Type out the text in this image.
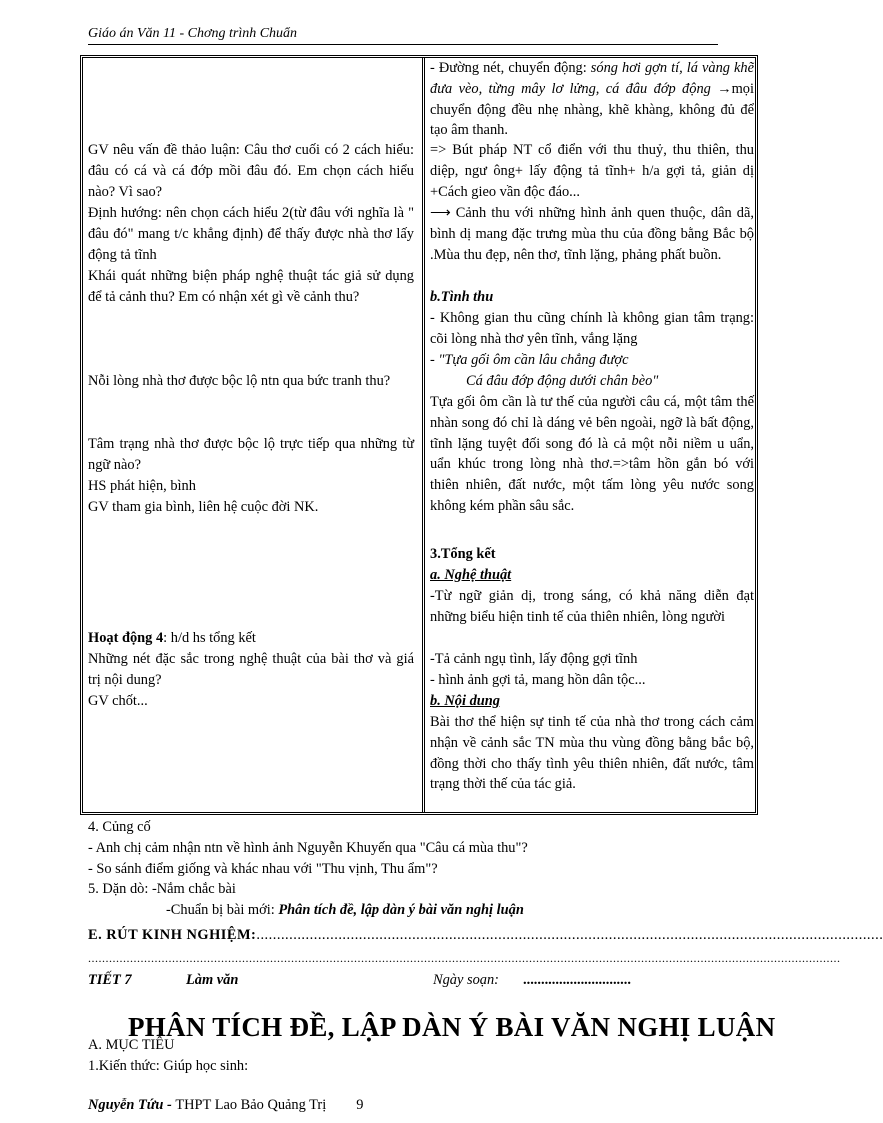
Giáo án Văn 11 - Chơng trình Chuẩn

GV nêu vấn đề thảo luận: Câu thơ cuối có 2 cách hiểu: đâu có cá và cá đớp mồi đâu đó. Em chọn cách hiểu nào? Vì sao?

Định hướng: nên chọn cách hiểu 2(từ đâu với nghĩa là " đâu đó" mang t/c khẳng định) để thấy được nhà thơ lấy động tả tĩnh

Khái quát những biện pháp nghệ thuật tác giả sử dụng để tả cảnh thu? Em có nhận xét gì về cảnh thu?

Nỗi lòng nhà thơ được bộc lộ ntn qua bức tranh thu?

Tâm trạng nhà thơ được bộc lộ trực tiếp qua những từ ngữ nào?

HS phát hiện, bình

GV tham gia bình, liên hệ cuộc đời NK.

Hoạt động 4: h/d hs tổng kết

Những nét đặc sắc trong nghệ thuật của bài thơ và giá trị nội dung?

GV chốt...

- Đường nét, chuyển động: sóng hơi gợn tí, lá vàng khẽ đưa vèo, từng mây lơ lửng, cá đâu đớp động →mọi chuyển động đều nhẹ nhàng, khẽ khàng, không đủ để tạo âm thanh.

=> Bút pháp NT cổ điển với thu thuỷ, thu thiên, thu diệp, ngư ông+ lấy động tả tĩnh+ h/a gợi tả, giản dị +Cách gieo vần độc đáo...

⟶ Cảnh thu với những hình ảnh quen thuộc, dân dã, bình dị mang đặc trưng mùa thu của đồng bằng Bắc bộ .Mùa thu đẹp, nên thơ, tĩnh lặng, phảng phất buồn.

b.Tình thu

- Không gian thu cũng chính là không gian tâm trạng: cõi lòng nhà thơ yên tĩnh, vắng lặng

- "Tựa gối ôm cần lâu chẳng được

Cá đâu đớp động dưới chân bèo"

Tựa gối ôm cần là tư thế của người câu cá, một tâm thế nhàn song đó chỉ là dáng vẻ bên ngoài, ngỡ là bất động, tĩnh lặng tuyệt đối song đó là cả một nỗi niềm u uẩn, uẩn khúc trong lòng nhà thơ.=>tâm hồn gắn bó với thiên nhiên, đất nước, một tấm lòng yêu nước song không kém phần sâu sắc.

3.Tổng kết

a. Nghệ thuật

-Từ ngữ giản dị, trong sáng, có khả năng diễn đạt những biểu hiện tinh tế của thiên nhiên, lòng người

-Tả cảnh ngụ tình, lấy động gợi tĩnh

- hình ảnh gợi tả, mang hồn dân tộc...

b. Nội dung

Bài thơ thể hiện sự tinh tế của nhà thơ trong cách cảm nhận về cảnh sắc TN mùa thu vùng đồng bằng bắc bộ, đồng thời cho thấy tình yêu thiên nhiên, đất nước, tâm trạng thời thế của tác giả.

4. Củng cố

- Anh chị cảm nhận ntn về hình ảnh Nguyễn Khuyến qua "Câu cá mùa thu"?

- So sánh điểm giống và khác nhau với "Thu vịnh, Thu ẩm"?

5. Dặn dò: -Nắm chắc bài

-Chuẩn bị bài mới: Phân tích đề, lập dàn ý bài văn nghị luận

E. RÚT KINH NGHIỆM:.........................................................................................................................................................
.......................................................................................................................................................................................................................
TIẾT 7	Làm văn	Ngày soạn: ..............................
PHÂN TÍCH ĐỀ, LẬP DÀN Ý BÀI VĂN NGHỊ LUẬN

A. MỤC TIÊU

1.Kiến thức: Giúp học sinh:

Nguyễn Tứu - THPT Lao Bảo Quảng Trị 9
